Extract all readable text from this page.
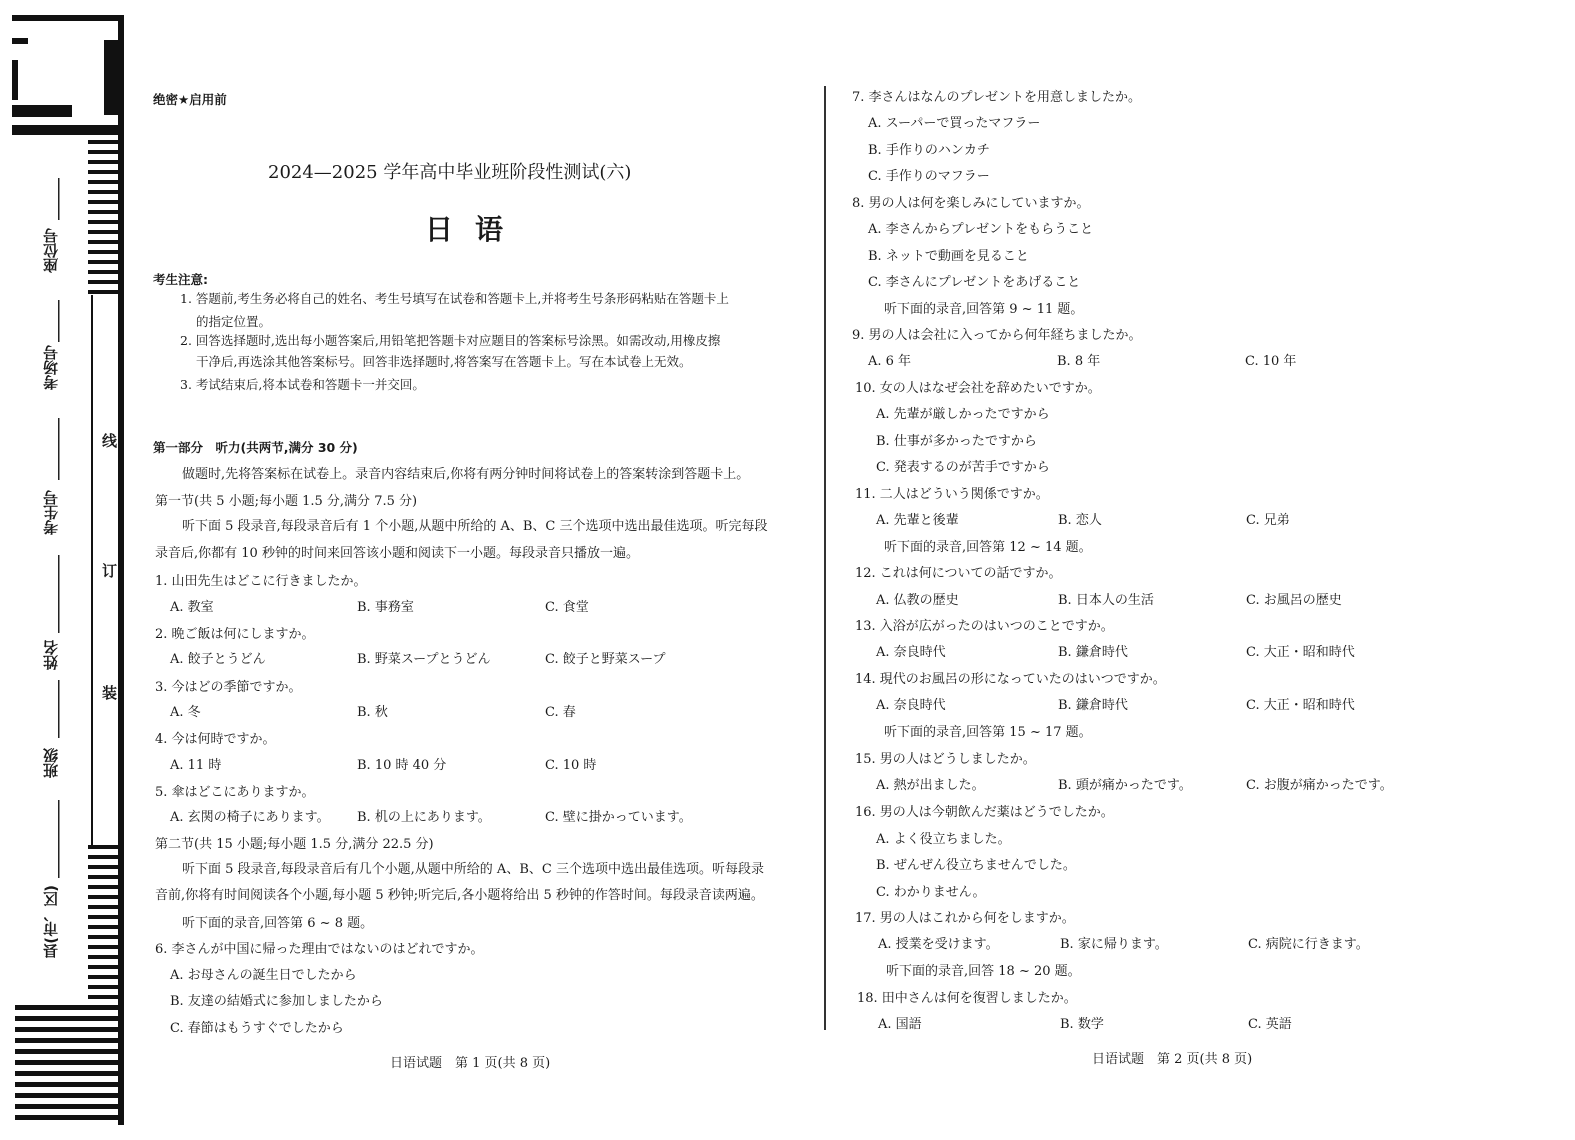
座位号
考场号
考生号
姓名
班级
县(市、区)
线
订
装
绝密★启用前
2024—2025 学年高中毕业班阶段性测试(六)
日语
考生注意:
1. 答题前,考生务必将自己的姓名、考生号填写在试卷和答题卡上,并将考生号条形码粘贴在答题卡上
的指定位置。
2. 回答选择题时,选出每小题答案后,用铅笔把答题卡对应题目的答案标号涂黑。如需改动,用橡皮擦
干净后,再选涂其他答案标号。回答非选择题时,将答案写在答题卡上。写在本试卷上无效。
3. 考试结束后,将本试卷和答题卡一并交回。
第一部分　听力(共两节,满分 30 分)
做题时,先将答案标在试卷上。录音内容结束后,你将有两分钟时间将试卷上的答案转涂到答题卡上。
第一节(共 5 小题;每小题 1.5 分,满分 7.5 分)
听下面 5 段录音,每段录音后有 1 个小题,从题中所给的 A、B、C 三个选项中选出最佳选项。听完每段
录音后,你都有 10 秒钟的时间来回答该小题和阅读下一小题。每段录音只播放一遍。
1. 山田先生はどこに行きましたか。
A. 教室	B. 事務室	C. 食堂
2. 晩ご飯は何にしますか。
A. 餃子とうどん	B. 野菜スープとうどん	C. 餃子と野菜スープ
3. 今はどの季節ですか。
A. 冬	B. 秋	C. 春
4. 今は何時ですか。
A. 11 時	B. 10 時 40 分	C. 10 時
5. 傘はどこにありますか。
A. 玄関の椅子にあります。 B. 机の上にあります。	C. 壁に掛かっています。
第二节(共 15 小题;每小题 1.5 分,满分 22.5 分)
听下面 5 段录音,每段录音后有几个小题,从题中所给的 A、B、C 三个选项中选出最佳选项。听每段录
音前,你将有时间阅读各个小题,每小题 5 秒钟;听完后,各小题将给出 5 秒钟的作答时间。每段录音读两遍。
听下面的录音,回答第 6 ~ 8 题。
6. 李さんが中国に帰った理由ではないのはどれですか。
A. お母さんの誕生日でしたから
B. 友達の結婚式に参加しましたから
C. 春節はもうすぐでしたから
日语试题　第 1 页(共 8 页)
7. 李さんはなんのプレゼントを用意しましたか。
A. スーパーで買ったマフラー
B. 手作りのハンカチ
C. 手作りのマフラー
8. 男の人は何を楽しみにしていますか。
A. 李さんからプレゼントをもらうこと
B. ネットで動画を見ること
C. 李さんにプレゼントをあげること
听下面的录音,回答第 9 ~ 11 题。
9. 男の人は会社に入ってから何年経ちましたか。
A. 6 年	B. 8 年	C. 10 年
10. 女の人はなぜ会社を辞めたいですか。
A. 先輩が厳しかったですから
B. 仕事が多かったですから
C. 発表するのが苦手ですから
11. 二人はどういう関係ですか。
A. 先輩と後輩	B. 恋人	C. 兄弟
听下面的录音,回答第 12 ~ 14 题。
12. これは何についての話ですか。
A. 仏教の歴史	B. 日本人の生活	C. お風呂の歴史
13. 入浴が広がったのはいつのことですか。
A. 奈良時代	B. 鎌倉時代	C. 大正・昭和時代
14. 現代のお風呂の形になっていたのはいつですか。
A. 奈良時代	B. 鎌倉時代	C. 大正・昭和時代
听下面的录音,回答第 15 ~ 17 题。
15. 男の人はどうしましたか。
A. 熱が出ました。	B. 頭が痛かったです。	C. お腹が痛かったです。
16. 男の人は今朝飲んだ薬はどうでしたか。
A. よく役立ちました。
B. ぜんぜん役立ちませんでした。
C. わかりません。
17. 男の人はこれから何をしますか。
A. 授業を受けます。	B. 家に帰ります。	C. 病院に行きます。
听下面的录音,回答 18 ~ 20 题。
18. 田中さんは何を復習しましたか。
A. 国語	B. 数学	C. 英語
日语试题　第 2 页(共 8 页)
